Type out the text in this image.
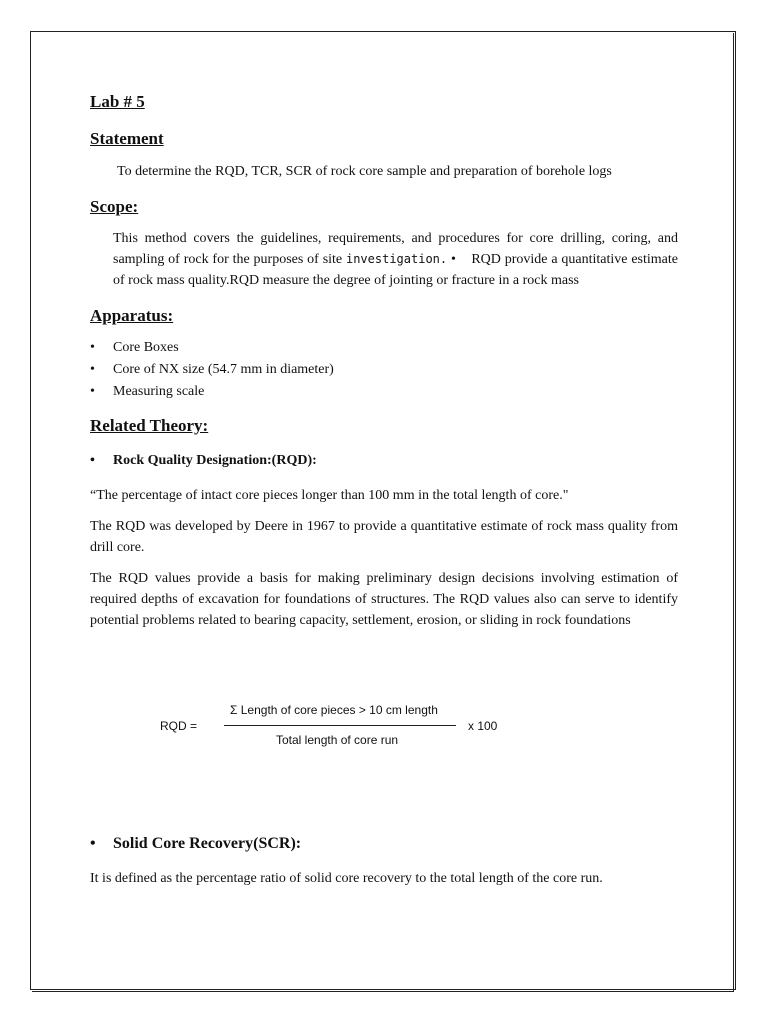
Lab # 5
Statement

To determine the RQD, TCR, SCR of rock core sample and preparation of borehole logs

Scope:

This method covers the guidelines, requirements, and procedures for core drilling, coring, and sampling of rock for the purposes of site investigation. •    RQD provide a quantitative estimate of rock mass quality.RQD measure the degree of jointing or fracture in a rock mass

Apparatus:
• Core Boxes
• Core of NX size (54.7 mm in diameter)
• Measuring scale
Related Theory:
• Rock Quality Designation:(RQD):

“The percentage of intact core pieces longer than 100 mm in the total length of core."

The RQD was developed by Deere in 1967 to provide a quantitative estimate of rock mass quality from drill core.

The RQD values provide a basis for making preliminary design decisions involving estimation of required depths of excavation for foundations of structures. The RQD values also can serve to identify potential problems related to bearing capacity, settlement, erosion, or sliding in rock foundations

RQD =
Σ Length of core pieces > 10 cm length
Total length of core run
x 100
• Solid Core Recovery(SCR):

It is defined as the percentage ratio of solid core recovery to the total length of the core run.
